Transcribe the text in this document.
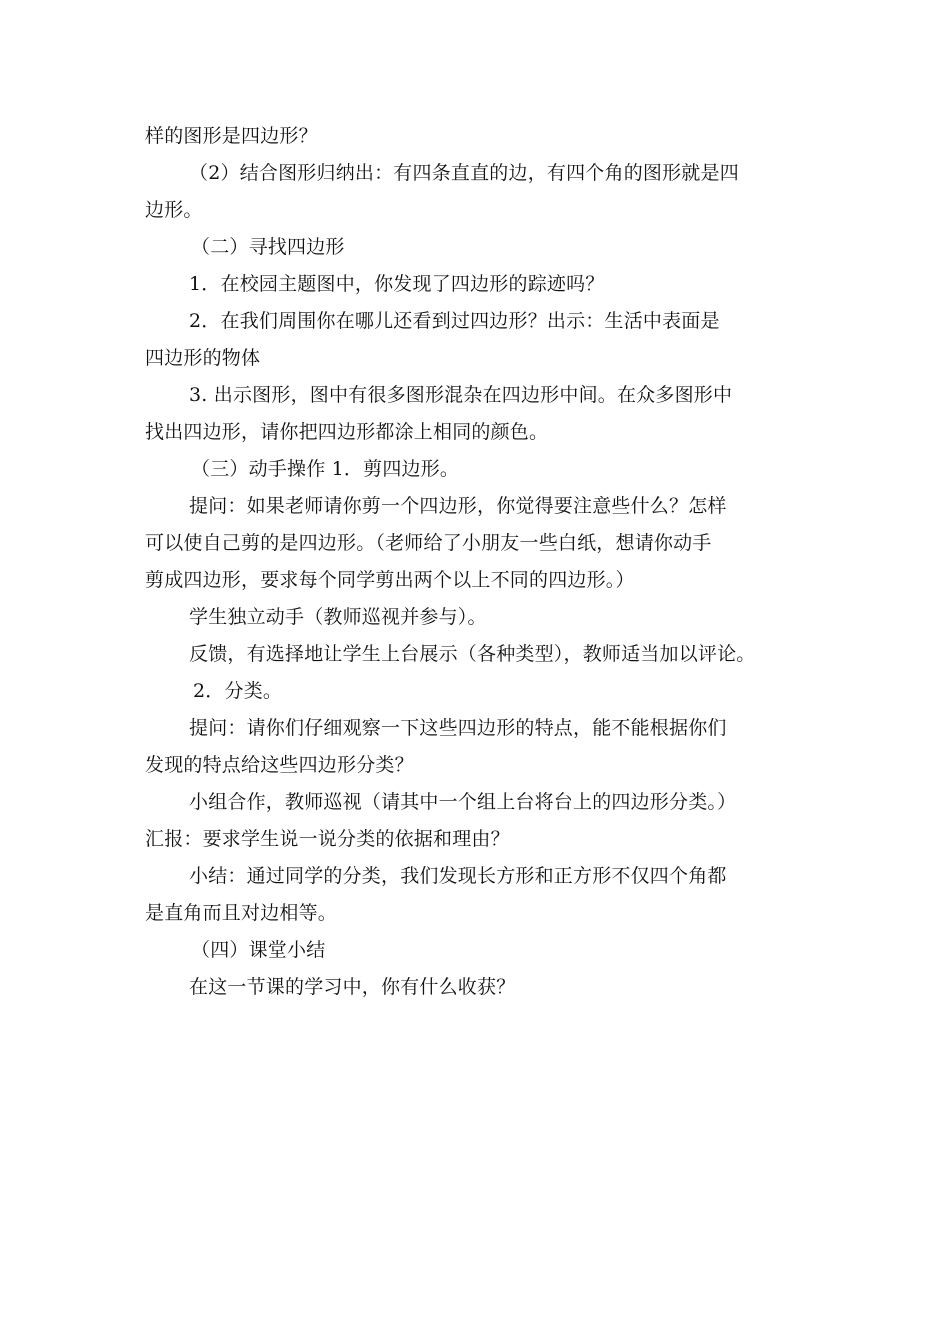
样的图形是四边形？
（2）结合图形归纳出：有四条直直的边，有四个角的图形就是四
边形。
（二）寻找四边形
1．在校园主题图中，你发现了四边形的踪迹吗？
2．在我们周围你在哪儿还看到过四边形？出示：生活中表面是
四边形的物体
3. 出示图形，图中有很多图形混杂在四边形中间。在众多图形中
找出四边形，请你把四边形都涂上相同的颜色。
（三）动手操作 1．剪四边形。
提问：如果老师请你剪一个四边形，你觉得要注意些什么？怎样
可以使自己剪的是四边形。（老师给了小朋友一些白纸，想请你动手
剪成四边形，要求每个同学剪出两个以上不同的四边形。）
学生独立动手（教师巡视并参与）。
反馈，有选择地让学生上台展示（各种类型），教师适当加以评论。
2．分类。
提问：请你们仔细观察一下这些四边形的特点，能不能根据你们
发现的特点给这些四边形分类？
小组合作，教师巡视（请其中一个组上台将台上的四边形分类。）
汇报：要求学生说一说分类的依据和理由？
小结：通过同学的分类，我们发现长方形和正方形不仅四个角都
是直角而且对边相等。
（四）课堂小结
在这一节课的学习中，你有什么收获？
